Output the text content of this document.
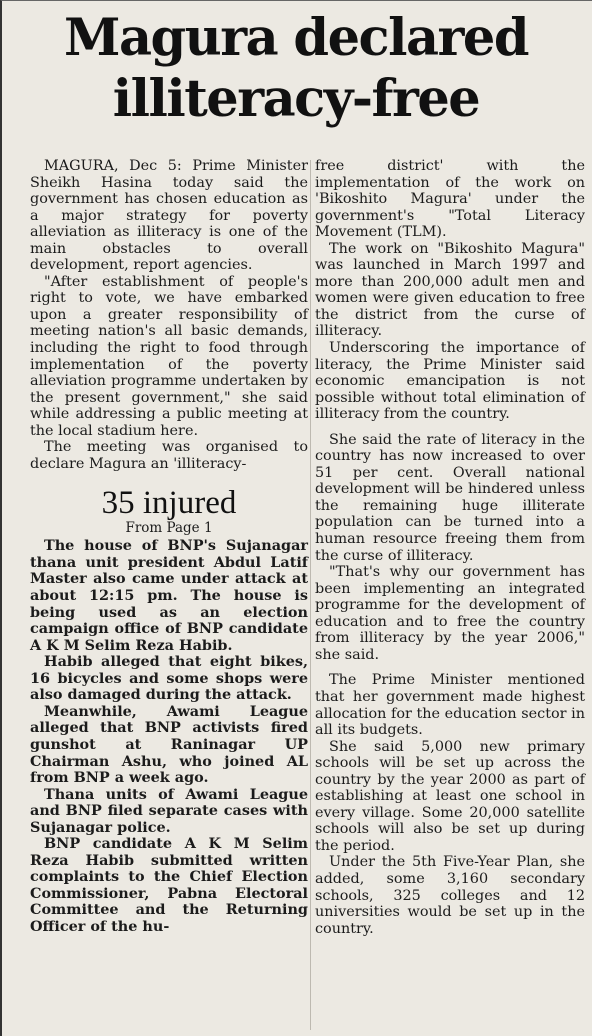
Magura declared
illiteracy-free

MAGURA, Dec 5: Prime Minister Sheikh Hasina today said the government has chosen education as a major strategy for poverty alleviation as illiteracy is one of the main obstacles to overall development, report agencies.

"After establishment of people's right to vote, we have embarked upon a greater responsibility of meeting nation's all basic demands, including the right to food through implementation of the poverty alleviation programme undertaken by the present government," she said while addressing a public meeting at the local stadium here.

The meeting was organised to declare Magura an 'illiteracy-

35 injured
From Page 1

The house of BNP's Sujanagar thana unit president Abdul Latif Master also came under attack at about 12:15 pm. The house is being used as an election campaign office of BNP candidate A K M Selim Reza Habib.

Habib alleged that eight bikes, 16 bicycles and some shops were also damaged during the attack.

Meanwhile, Awami League alleged that BNP activists fired gunshot at Raninagar UP Chairman Ashu, who joined AL from BNP a week ago.

Thana units of Awami League and BNP filed separate cases with Sujanagar police.

BNP candidate A K M Selim Reza Habib submitted written complaints to the Chief Election Commissioner, Pabna Electoral Committee and the Returning Officer of the hu-

free district' with the implementation of the work on 'Bikoshito Magura' under the government's "Total Literacy Movement (TLM).

The work on "Bikoshito Magura" was launched in March 1997 and more than 200,000 adult men and women were given education to free the district from the curse of illiteracy.

Underscoring the importance of literacy, the Prime Minister said economic emancipation is not possible without total elimination of illiteracy from the country.

She said the rate of literacy in the country has now increased to over 51 per cent. Overall national development will be hindered unless the remaining huge illiterate population can be turned into a human resource freeing them from the curse of illiteracy.

"That's why our government has been implementing an integrated programme for the development of education and to free the country from illiteracy by the year 2006," she said.

The Prime Minister mentioned that her government made highest allocation for the education sector in all its budgets.

She said 5,000 new primary schools will be set up across the country by the year 2000 as part of establishing at least one school in every village. Some 20,000 satellite schools will also be set up during the period.

Under the 5th Five-Year Plan, she added, some 3,160 secondary schools, 325 colleges and 12 universities would be set up in the country.
